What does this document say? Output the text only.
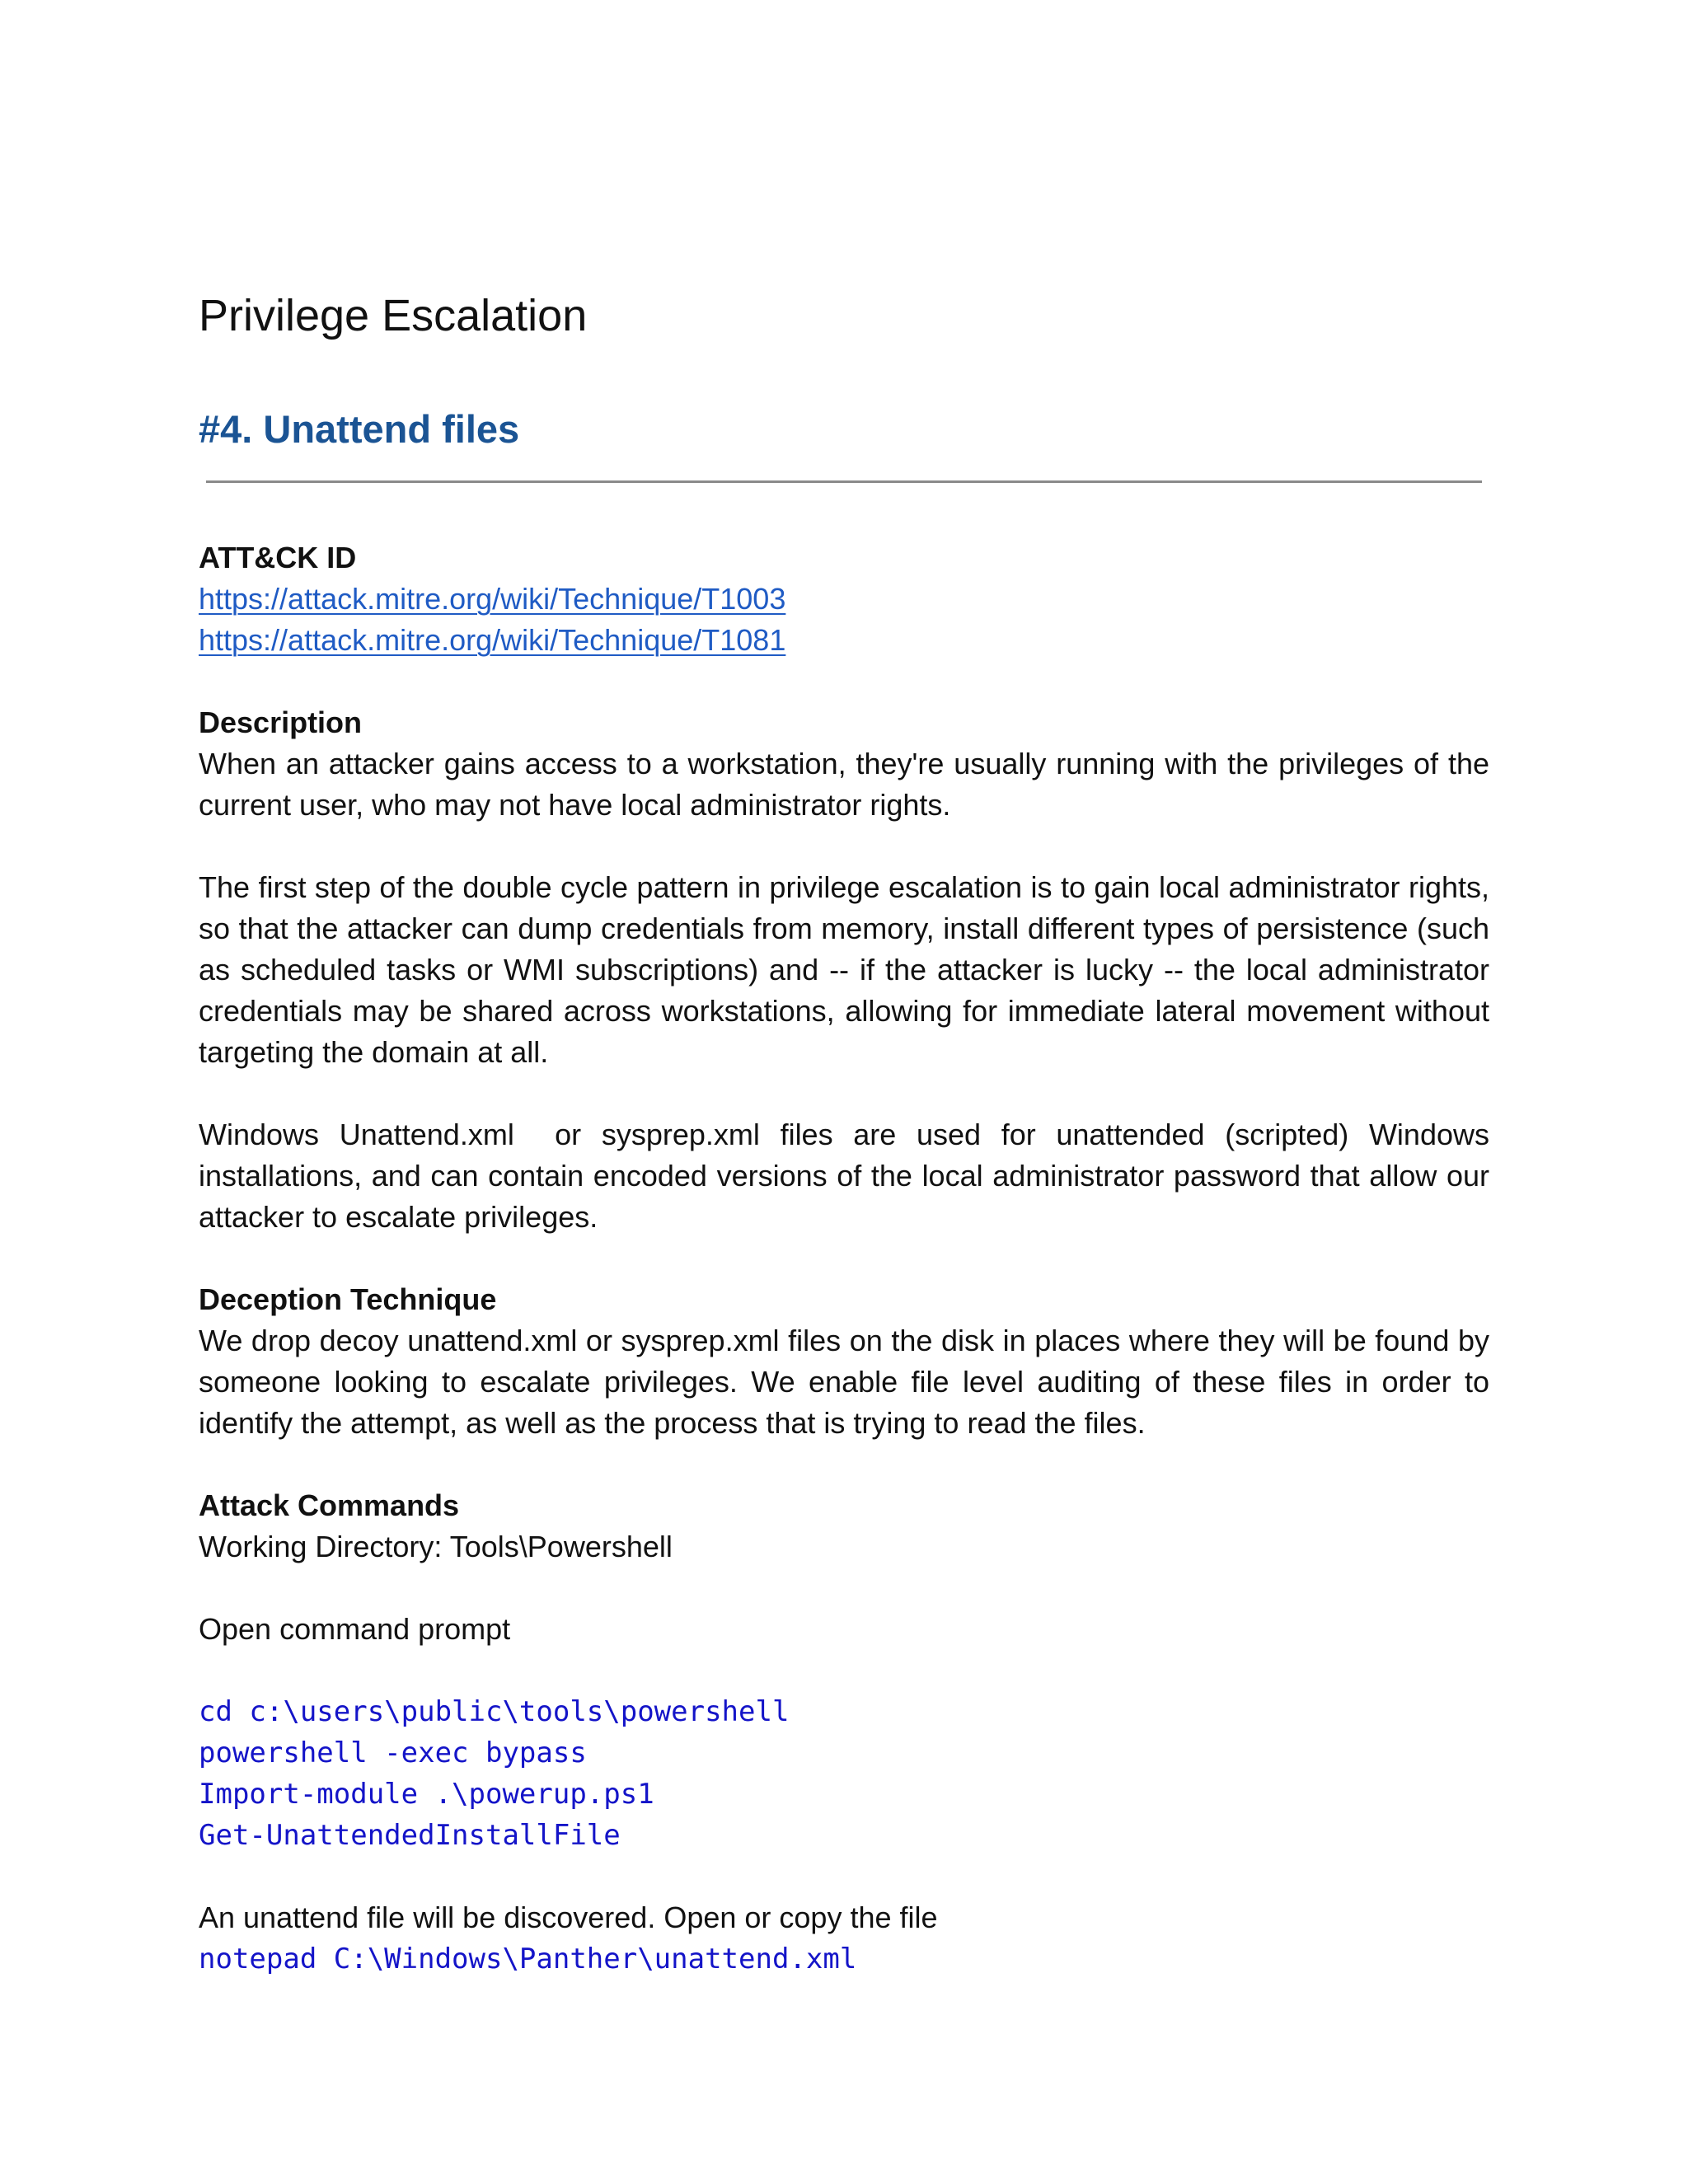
Privilege Escalation
#4. Unattend files

ATT&CK ID

https://attack.mitre.org/wiki/Technique/T1003
https://attack.mitre.org/wiki/Technique/T1081

Description

When an attacker gains access to a workstation, they're usually running with the privileges of the current user, who may not have local administrator rights.

The first step of the double cycle pattern in privilege escalation is to gain local administrator rights, so that the attacker can dump credentials from memory, install different types of persistence (such as scheduled tasks or WMI subscriptions) and -- if the attacker is lucky -- the local administrator credentials may be shared across workstations, allowing for immediate lateral movement without targeting the domain at all.

Windows Unattend.xml  or sysprep.xml files are used for unattended (scripted) Windows installations, and can contain encoded versions of the local administrator password that allow our attacker to escalate privileges.

Deception Technique

We drop decoy unattend.xml or sysprep.xml files on the disk in places where they will be found by someone looking to escalate privileges. We enable file level auditing of these files in order to identify the attempt, as well as the process that is trying to read the files.

Attack Commands

Working Directory: Tools\Powershell

Open command prompt

cd c:\users\public\tools\powershell

powershell -exec bypass

Import-module .\powerup.ps1

Get-UnattendedInstallFile

An unattend file will be discovered. Open or copy the file

notepad C:\Windows\Panther\unattend.xml
